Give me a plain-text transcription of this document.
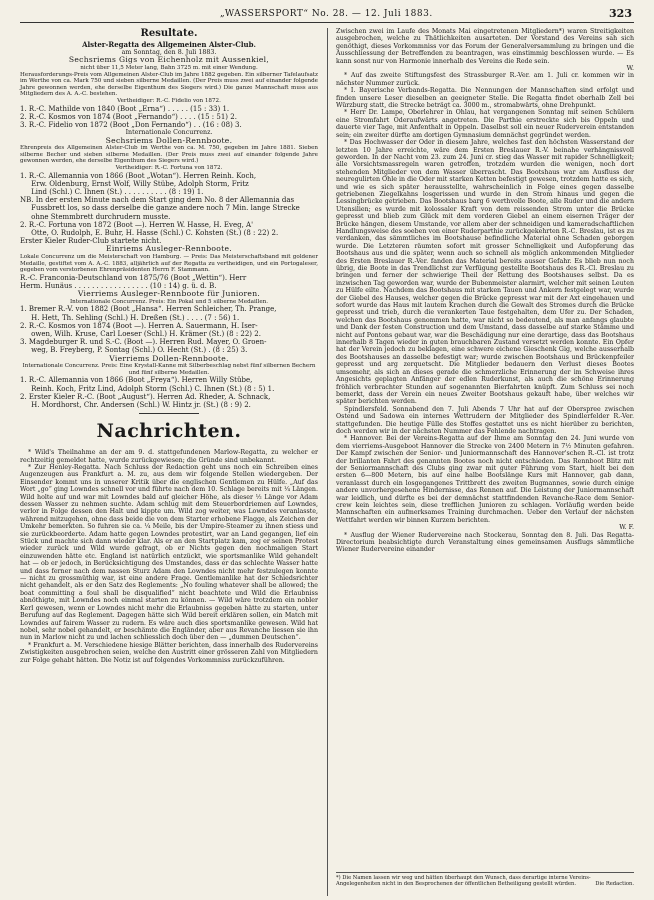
„WASSERSPORT“ No. 28. — 12. Juli 1883.	323

Resultate.

Alster-Regatta des Allgemeinen Alster-Club.

am Sonntag, den 8. Juli 1883.

Sechsriems Gigs von Eichenholz mit Aussenkiel,

nicht über 11,5 Meter lang, Bahn 3725 m. mit einer Wendung.

Herausforderungs-Preis vom Allgemeinen Alster-Club im Jahre 1882 gegeben. Ein silberner Tafelaufsatz im Werthe von ca. Mark 750 und sieben silberne Medaillen. (Der Preis muss zwei auf einander folgende Jahre gewonnen werden, ehe derselbe Eigenthum des Siegers wird.) Die ganze Mannschaft muss aus Mitgliedern des A. A.-C. bestehen.

Vertheidiger: R.-C. Fidelio von 1872.

1. R.-C. Mathilde von 1840 (Boot „Erna“) . . . . . (15 : 33) 1.

2. R.-C. Kosmos von 1874 (Boot „Fernando“) . . . . (15 : 51) 2.

3. R.-C. Fidelio von 1872 (Boot „Don Fernando“) . . (16 : 08) 3.

Internationale Concurrenz.

Sechsriems Dollen-Rennboote.

Ehrenpreis des Allgemeinen Alster-Club im Werthe von ca. M. 750, gegeben im Jahre 1881. Sieben silberne Becher und sieben silberne Medaillen. (Der Preis muss zwei auf einander folgende Jahre gewonnen werden, ehe derselbe Eigenthum des Siegers wird.)

Vertheidiger: R.-C. Fortuna von 1872.

1. R.-C. Allemannia von 1866 (Boot „Wotan“). Herren Reinh. Koch,

Erw. Oldenburg, Ernst Wolf, Willy Stübe, Adolph Storm, Fritz

Lind (Schl.) C. Ihnen (St.) . . . . . . . . . . (8 : 19) 1.

NB. In der ersten Minute nach dem Start ging dem No. 8 der Allemannia das

Fussbrett los, so dass derselbe die ganze andere noch 7 Min. lange Strecke

ohne Stemmbrett durchrudern musste.

2. R.-C. Fortuna von 1872 (Boot —). Herren W. Hasse, H. Eveg, A'

Otte, O. Rudolph, E. Buhr, H. Hasse (Schl.) C. Kohsten (St.) (8 : 22) 2.

Erster Kieler Ruder-Club startete nicht.

Einriems Ausleger-Rennboote.

Lokale Concurrenz um die Meisterschaft von Hamburg. — Preis: Das Meisterschaftsband mit goldener Medaille, gestiftet vom A. A.-C. 1883, alljährlich auf der Regatta zu vertheidigen, und ein Portogaleser, gegeben vom verstorbenen Ehrenpräsidenten Herrn F. Stammann.

R.-C. Franconia-Deutschland von 1875/76 (Boot „Wettin“). Herr

Herm. Hunäus . . . . . . . . . . . . . . . . . (10 : 14) g. ü. d. B.

Vierriems Ausleger-Rennboote für Junioren.

Internationale Concurrenz. Preis: Ein Pokal und 5 silberne Medaillen.

1. Bremer R.-V. von 1882 (Boot „Hansa“. Herren Schleicher, Th. Prange,

H. Hett, Th. Sehling (Schl.) H. Dreßen (St.) . . . . (7 : 56) 1.

2. R.-C. Kosmos von 1874 (Boot —). Herren A. Sauermann, H. Iser-

owen, Wilh. Kruse, Carl Loeser (Schl.) H. Krämer (St.) (8 : 22) 2.

3. Magdeburger R. und S.-C. (Boot —). Herren Rud. Mayer, O. Groen-

weg, B. Freyberg, P. Sontag (Schl.) O. Hecht (St.) . (8 : 25) 3.

Vierriems Dollen-Rennboote.

Internationale Concurrenz. Preis: Eine Krystall-Kanne mit Silberbeschlag nebst fünf silbernen Bechern und fünf silberne Medaillen.

1. R.-C. Allemannia von 1866 (Boot „Freya“). Herren Willy Stübe,

Reinh. Koch, Fritz Lind, Adolph Storm (Schl.) C. Ihnen (St.) (8 : 5) 1.

2. Erster Kieler R.-C. (Boot „August“). Herren Ad. Rheder, A. Schnack,

H. Mordhorst, Chr. Andersen (Schl.) W. Hintz jr. (St.) (8 : 9) 2.

Nachrichten.

* Wild's Theilnahme an der am 9. d. stattgefundenen Marlow-Regatta, zu welcher er rechtzeitig gemeldet hatte, wurde zurückgewiesen; die Gründe sind unbekannt.

* Zur Henley-Regatta. Nach Schluss der Redaction geht uns noch ein Schreiben eines Augenzeugen aus Frankfurt a. M. zu, aus dem wir folgende Stellen wiedergeben. Der Einsender kommt uns in unserer Kritik über die englischen Gentlemen zu Hülfe. „Auf das Wort „go“ ging Lowndes schnell vor und führte nach dem 10. Schlage bereits mit ¼ Längen. Wild holte auf und war mit Lowndes bald auf gleicher Höhe, als dieser ½ Länge vor Adam dessen Wasser zu nehmen suchte. Adam schlug mit dem Steuerbordriemen auf Lowndes, verlor in Folge dessen den Halt und kippte um. Wild zog weiter, was Lowndes veranlasste, während mitzugehen, ohne dass beide die von dem Starter erhobene Flagge, als Zeichen der Umkehr bemerkten. So fuhren sie ca. ¼ Meile, bis der Umpire-Steamer zu ihnen stiess und sie zurückbeorderte. Adam hatte gegen Lowndes protestirt, war an Land gegangen, lief ein Stück und machte sich dann wieder klar. Als er an den Startplatz kam, zog er seinen Protest wieder zurück und Wild wurde gefragt, ob er Nichts gegen den nochmaligen Start einzuwenden hätte etc. England ist natürlich entzückt, wie sportsmanlike Wild gehandelt hat — ob er jedoch, in Berücksichtigung des Umstandes, dass er das schlechte Wasser hatte und dass ferner nach dem nassen Sturz Adam den Lowndes nicht mehr festzulegen konnte — nicht zu grossmüthig war, ist eine andere Frage. Gentlemanlike hat der Schiedsrichter nicht gehandelt, als er den Satz des Reglements: „No fouling whatever shall be allowed; the boat committing a foul shall be disqualified“ nicht beachtete und Wild die Erlaubniss abnöthigte, mit Lowndes noch einmal starten zu können. — Wild wäre trotzdem ein nobler Kerl gewesen, wenn er Lowndes nicht mehr die Erlaubniss gegeben hätte zu starten, unter Berufung auf das Reglement. Dagegen hätte sich Wild bereit erklären sollen, ein Match mit Lowndes auf fairem Wasser zu rudern. Es wäre auch dies sportsmanlike gewesen. Wild hat nobel, sehr nobel gehandelt, er beschämte die Engländer, aber aus Revanche liessen sie ihn nun in Marlow nicht zu und lachen schliesslich doch über den — „dummen Deutschen“.

* Frankfurt a. M. Verschiedene hiesige Blätter berichten, dass innerhalb des Rudervereins Zwistigkeiten ausgebrochen seien, welche den Austritt einer grösseren Zahl von Mitgliedern zur Folge gehabt hätten. Die Notiz ist auf folgendes Vorkommniss zurückzuführen.

Zwischen zwei im Laufe des Monats Mai eingetretenen Mitgliedern*) waren Streitigkeiten ausgebrochen, welche zu Thätlichkeiten ausarteten. Der Vorstand des Vereins sah sich genöthigt, dieses Vorkommniss vor das Forum der Generalversammlung zu bringen und die Ausschliessung der Betreffenden zu beantragen, was einstimmig beschlossen wurde. — Es kann sonst nur von Harmonie innerhalb des Vereins die Rede sein.

W.

* Auf das zweite Stiftungsfest des Strassburger R.-Ver. am 1. Juli cr. kommen wir in nächster Nummer zurück.

* I. Bayerische Verbands-Regatta. Die Nennungen der Mannschaften sind erfolgt und finden unsere Leser dieselben an geeigneter Stelle. Die Regatta findet oberhalb Zell bei Würzburg statt, die Strecke beträgt ca. 3000 m., stromabwärts, ohne Drehpunkt.

* Herr Dr. Lampe, Oberlehrer in Ohlau, hat vergangenen Sonntag mit seinen Schülern eine Stromfahrt Oderaufwärts angetreten. Die Parthie erstreckte sich bis Oppeln und dauerte vier Tage, mit Anfenthalt in Oppeln. Daselbst soll ein neuer Ruderverein entstanden sein; ein zweiter dürfte am dortigen Gymnasium demnächst gegründet werden.

* Das Hochwasser der Oder in diesem Jahre, welches fast den höchsten Wasserstand der letzten 10 Jahre erreichte, wäre dem Ersten Breslauer R.-V. beinahe verhängnissvoll geworden. In der Nacht vom 23. zum 24. Juni cr. stieg das Wasser mit rapider Schnelligkeit; alle Vorsichtsmassregeln waren getroffen, trotzdem wurden die wenigen, noch dort stehenden Mitglieder von dem Wasser überrascht. Das Bootshaus war am Ausfluss der neuregulirten Ohle in die Oder mit starken Ketten befestigt gewesen, trotzdem hatte es sich, und wie es sich später herausstellte, wahrscheinlich in Folge eines gegen dasselbe getriebenen Ziegelkahns losgerissen und wurde in den Strom hinaus und gegen die Lessingbrücke getrieben. Das Bootshaus barg 6 werthvolle Boote, alle Ruder und die andern Utensilien; es wurde mit kolossaler Kraft von dem reissenden Strom unter die Brücke gepresst und blieb zum Glück mit dem vorderen Giebel an einem eisernen Träger der Brücke hängen, diesem Umstande, vor allem aber der schneidigen und kameradschaftlichen Handlungsweise des soeben von einer Ruderparthie zurückgekehrten R.-C. Breslau, ist es zu verdanken, das sämmtliches im Bootshause befindliche Material ohne Schaden geborgen wurde. Die Letzteren räumten sofort mit grosser Schnelligkeit und Aufopferung das Bootshaus aus und die später, wenn auch so schnell als möglich ankommenden Mitglieder des Ersten Breslauer R.-Ver. fanden das Material bereits ausser Gefahr. Es blieb nun noch übrig, die Boote in das Trendlichst zur Verfügung gestellte Bootshaus des R.-Cl. Breslau zu bringen und ferner der schwierige Theil der Rettung des Bootshauses selbst. Da es inzwischen Tag geworden war, wurde der Bubenmeister alarmirt, welcher mit seinen Leuten zu Hülfe eilte. Nachdem das Bootshaus mit starken Tauen und Ankern festgelegt war, wurde der Giebel des Hauses, welcher gegen die Brücke gepresst war mit der Axt eingehauen und sofort wurde das Haus mit lautem Krachen durch die Gewalt des Stromes durch die Brücke gepresst und trieb, durch die verankerten Taue festgehalten, dem Ufer zu. Der Schaden, welchen das Bootshaus genommen hatte, war nicht so bedeutend, als man anfangs glaubte und Dank der festen Construction und dem Umstand, dass dasselbe auf starke Stämme und nicht auf Pontons gebaut war, war die Beschädigung nur eine derartige, dass das Bootshaus innerhalb 8 Tagen wieder in guten brauchbaren Zustand versetzt werden konnte. Ein Opfer hat der Verein jedoch zu beklagen, eine schwere eichene Gieschenk Gig, welche ausserhalb des Bootshauses an dasselbe befestigt war; wurde zwischen Bootshaus und Brückenpfeiler gepresst und arg zerquetscht. Die Mitglieder bedauern den Verlust dieses Bootes umsomehr, als sich an dieses gerade die schmerzliche Erinnerung der im Schweise ihres Angesichts geplagten Anfänger der edlen Ruderkunst, als auch die schöne Erinnerung fröhlich verbrachter Stunden auf sogenannten Bierfahrten knüpft. Zum Schluss sei noch bemerkt, dass der Verein ein neues Zweiter Bootshaus gekauft habe, über welches wir später berichten werden.

Spindlersfeld. Sonnabend den 7. Juli Abends 7 Uhr hat auf der Oberspree zwischen Ostend und Sadowa ein internes Wettrudern der Mitglieder des Spindlerfelder R.-Ver. stattgefunden. Die heutige Fülle des Stoffes gestattet uns es nicht hierüber zu berichten, doch werden wir in der nächsten Nummer das Fehlende nachtragen.

* Hannover. Bei der Vereins-Regatta auf der Ihme am Sonntag den 24. Juni wurde von dem vierriems-Ausgeboot Hannover die Strecke von 2400 Metern in 7½ Minuten gefahren. Der Kampf zwischen der Senior- und Juniormannschaft des Hannover'schen R.-Cl. ist trotz der brillanten Fahrt des genannten Bootes noch nicht entschieden. Das Rennboot Blitz mit der Seniormannschaft des Clubs ging zwar mit guter Führung vom Start, hielt bei den ersten 6—800 Metern, bis auf eine halbe Bootslänge Kurs mit Hannover, gab dann, veranlasst durch ein losgegangenes Trittbrett des zweiten Bugmannes, sowie durch einige andere unvorhergesehene Hindernisse, das Rennen auf. Die Leistung der Juniormannschaft war leidlich, und dürfte es bei der demnächst stattfindenden Revanche-Race dem Senior-crew kein leichtes sein, diese trefflichen Junioren zu schlagen. Vorläufig werden beide Mannschaften ein aufmerksames Training durchmachen. Ueber den Verlauf der nächsten Wettfahrt werden wir binnen Kurzem berichten.

W. F.

* Ausflug der Wiener Rudervereine nach Stockerau, Sonntag den 8. Juli. Das Regatta-Directorium beabsichtigte durch Veranstaltung eines gemeinsamen Ausflugs sämmtliche Wiener Rudervereine einander

*) Die Namen lassen wir weg und hätten überhaupt den Wunsch, dass derartige interne Vereins-Angelegenheiten nicht in den Besprochenen der öffentlichen Betheiligung gestellt würden.	Die Redaction.
